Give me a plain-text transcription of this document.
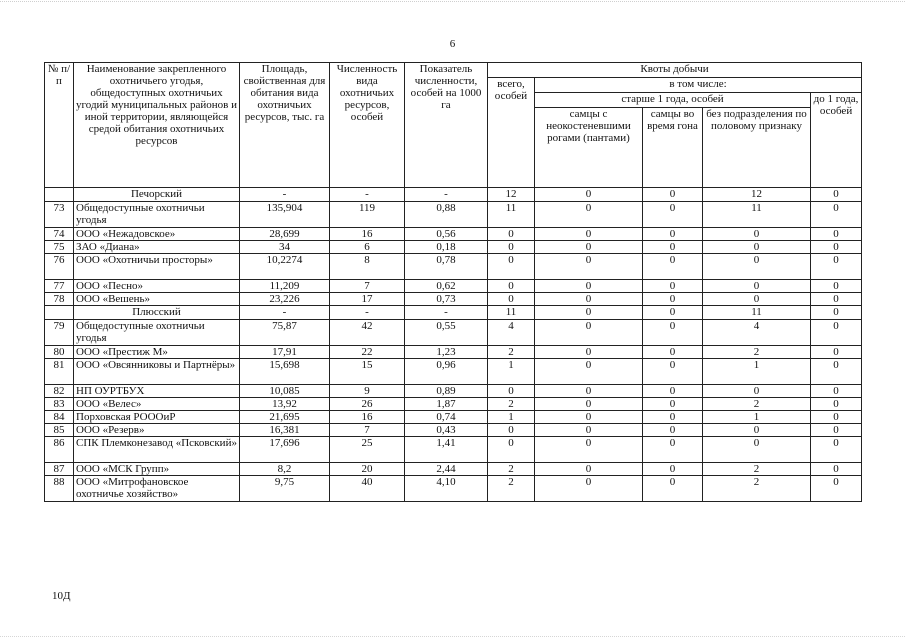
6
№ п/п	Наименование закрепленного охотничьего угодья, общедоступных охотничьих угодий муниципальных районов и иной территории, являющейся средой обитания охотничьих ресурсов	Площадь, свойственная для обитания вида охотничьих ресурсов, тыс. га	Численность вида охотничьих ресурсов, особей	Показатель численности, особей на 1000 га	Квоты добычи				
					всего, особей	в том числе:			
						старше 1 года, особей			до 1 года, особей
						самцы с неокостеневшими рогами (пантами)	самцы во время гона	без подразделения по половому признаку	
	Печорский	-	-	-	12	0	0	12	0
73	Общедоступные охотничьи угодья	135,904	119	0,88	11	0	0	11	0
74	ООО «Нежадовское»	28,699	16	0,56	0	0	0	0	0
75	ЗАО «Диана»	34	6	0,18	0	0	0	0	0
76	ООО «Охотничьи просторы»	10,2274	8	0,78	0	0	0	0	0
77	ООО «Песно»	11,209	7	0,62	0	0	0	0	0
78	ООО «Вешень»	23,226	17	0,73	0	0	0	0	0
	Плюсский	-	-	-	11	0	0	11	0
79	Общедоступные охотничьи угодья	75,87	42	0,55	4	0	0	4	0
80	ООО «Престиж М»	17,91	22	1,23	2	0	0	2	0
81	ООО «Овсянниковы и Партнёры»	15,698	15	0,96	1	0	0	1	0
82	НП ОУРТБУХ	10,085	9	0,89	0	0	0	0	0
83	ООО «Велес»	13,92	26	1,87	2	0	0	2	0
84	Порховская РОООиР	21,695	16	0,74	1	0	0	1	0
85	ООО «Резерв»	16,381	7	0,43	0	0	0	0	0
86	СПК Племконезавод «Псковский»	17,696	25	1,41	0	0	0	0	0
87	ООО «МСК Групп»	8,2	20	2,44	2	0	0	2	0
88	ООО «Митрофановское охотничье хозяйство»	9,75	40	4,10	2	0	0	2	0
10Д
